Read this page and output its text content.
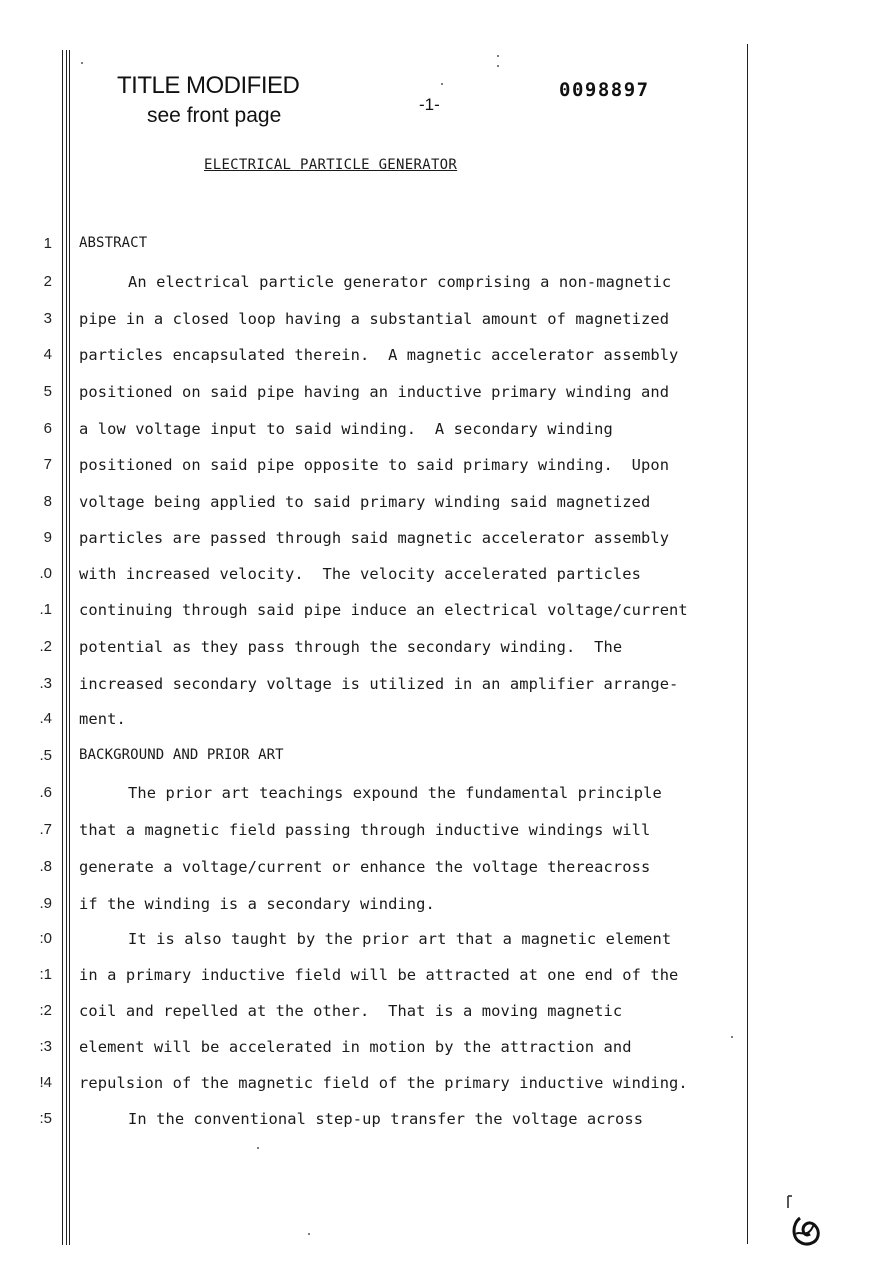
TITLE MODIFIED
see front page	-1-
0098897
ELECTRICAL PARTICLE GENERATOR
1
2
3
4
5
6
7
8
9
.0
.1
.2
.3
.4
.5
.6
.7
.8
.9
:0
:1
:2
:3
!4
:5
ABSTRACT
An electrical particle generator comprising a non-magnetic
pipe in a closed loop having a substantial amount of magnetized
particles encapsulated therein.  A magnetic accelerator assembly
positioned on said pipe having an inductive primary winding and
a low voltage input to said winding.  A secondary winding
positioned on said pipe opposite to said primary winding.  Upon
voltage being applied to said primary winding said magnetized
particles are passed through said magnetic accelerator assembly
with increased velocity.  The velocity accelerated particles
continuing through said pipe induce an electrical voltage/current
potential as they pass through the secondary winding.  The
increased secondary voltage is utilized in an amplifier arrange-
ment.
BACKGROUND AND PRIOR ART
The prior art teachings expound the fundamental principle
that a magnetic field passing through inductive windings will
generate a voltage/current or enhance the voltage thereacross
if the winding is a secondary winding.
It is also taught by the prior art that a magnetic element
in a primary inductive field will be attracted at one end of the
coil and repelled at the other.  That is a moving magnetic
element will be accelerated in motion by the attraction and
repulsion of the magnetic field of the primary inductive winding.
In the conventional step-up transfer the voltage across
